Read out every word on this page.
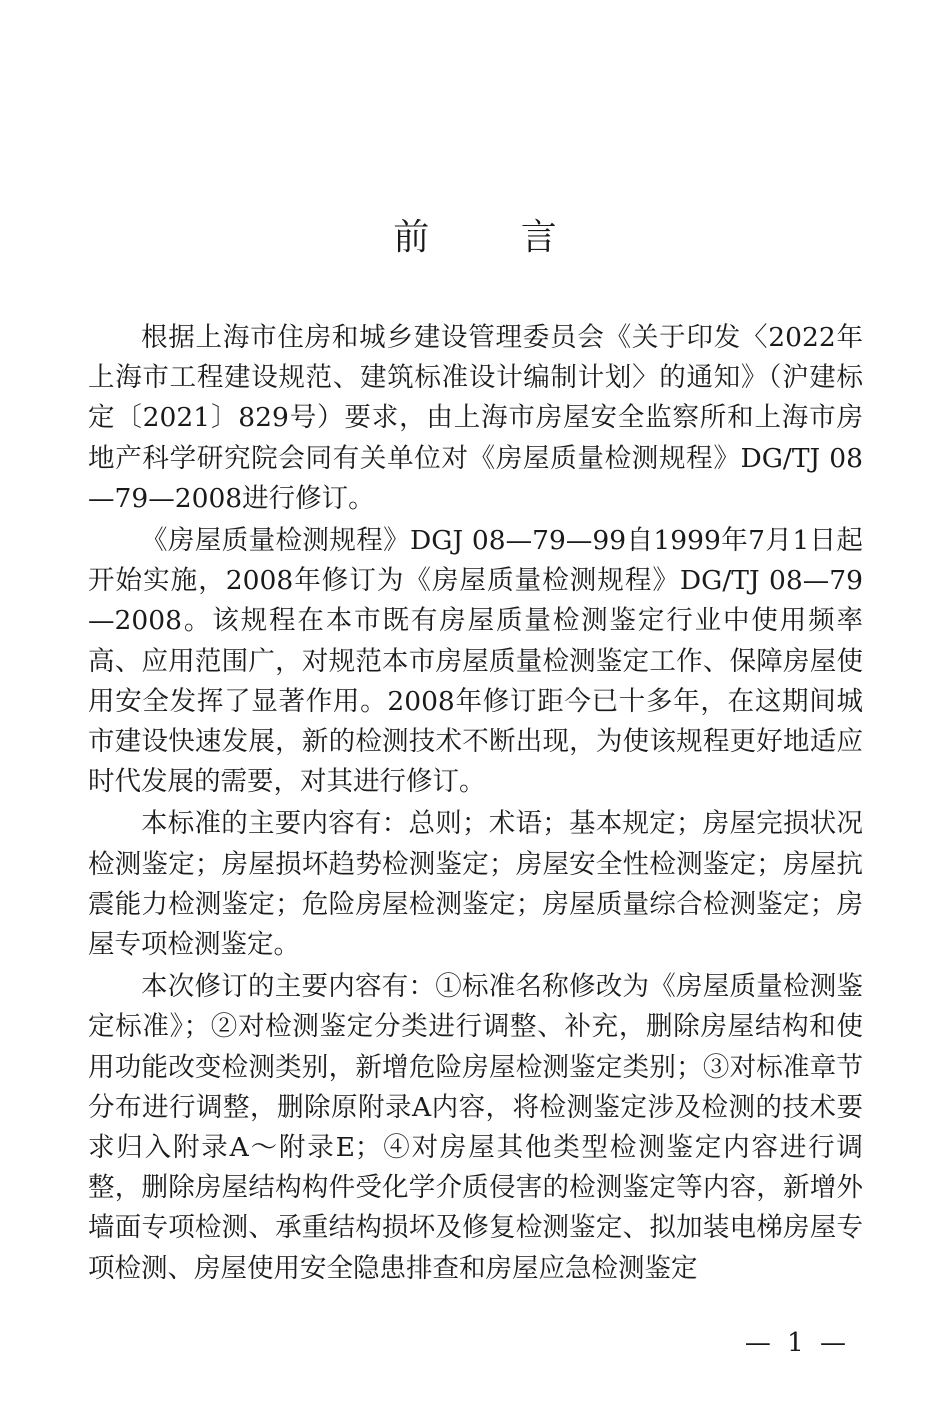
前 言

根据上海市住房和城乡建设管理委员会《关于印发〈2022年上海市工程建设规范、建筑标准设计编制计划〉的通知》（沪建标定〔2021〕829号）要求，由上海市房屋安全监察所和上海市房地产科学研究院会同有关单位对《房屋质量检测规程》DG/TJ 08—79—2008进行修订。

《房屋质量检测规程》DGJ 08—79—99自1999年7月1日起开始实施，2008年修订为《房屋质量检测规程》DG/TJ 08—79—2008。该规程在本市既有房屋质量检测鉴定行业中使用频率高、应用范围广，对规范本市房屋质量检测鉴定工作、保障房屋使用安全发挥了显著作用。2008年修订距今已十多年，在这期间城市建设快速发展，新的检测技术不断出现，为使该规程更好地适应时代发展的需要，对其进行修订。

本标准的主要内容有：总则；术语；基本规定；房屋完损状况检测鉴定；房屋损坏趋势检测鉴定；房屋安全性检测鉴定；房屋抗震能力检测鉴定；危险房屋检测鉴定；房屋质量综合检测鉴定；房屋专项检测鉴定。

本次修订的主要内容有：①标准名称修改为《房屋质量检测鉴定标准》；②对检测鉴定分类进行调整、补充，删除房屋结构和使用功能改变检测类别，新增危险房屋检测鉴定类别；③对标准章节分布进行调整，删除原附录A内容，将检测鉴定涉及检测的技术要求归入附录A～附录E；④对房屋其他类型检测鉴定内容进行调整，删除房屋结构构件受化学介质侵害的检测鉴定等内容，新增外墙面专项检测、承重结构损坏及修复检测鉴定、拟加装电梯房屋专项检测、房屋使用安全隐患排查和房屋应急检测鉴定

— 1 —
